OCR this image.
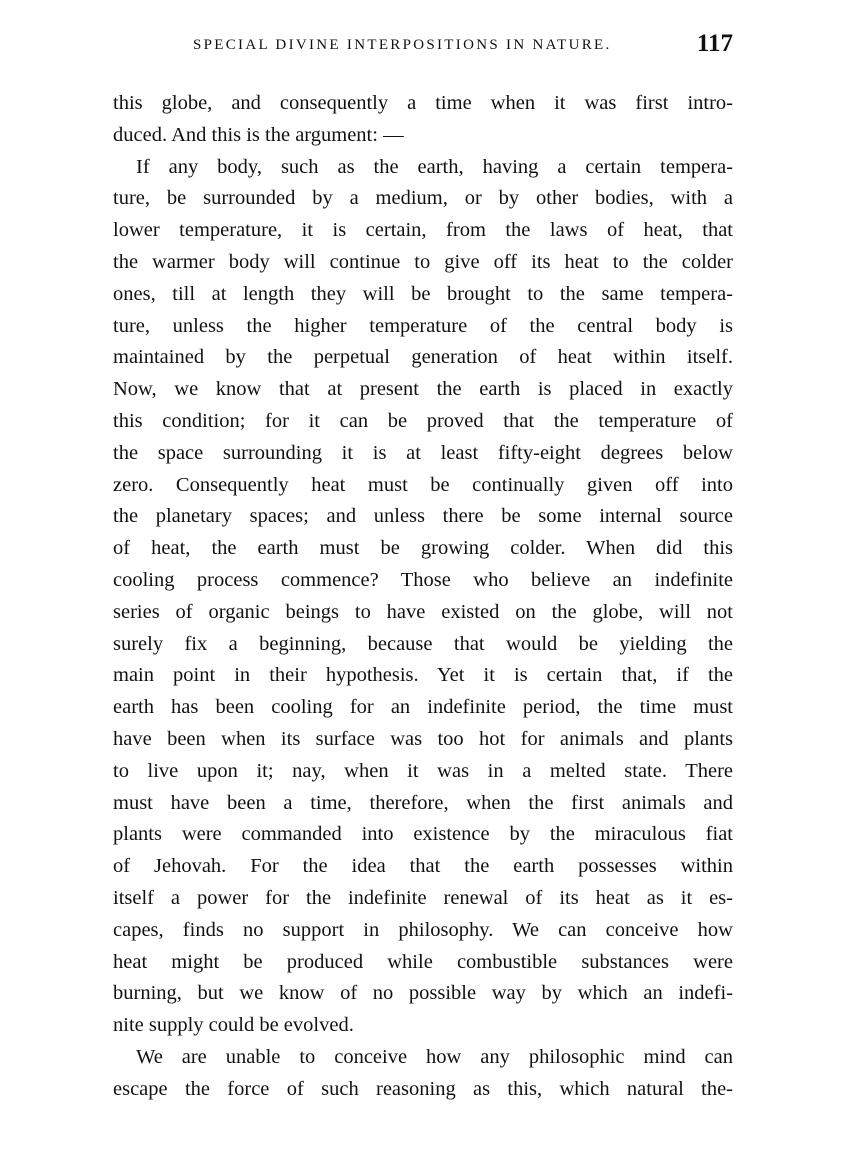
SPECIAL DIVINE INTERPOSITIONS IN NATURE.	117
this globe, and consequently a time when it was first intro-
duced. And this is the argument: —
If any body, such as the earth, having a certain tempera-
ture, be surrounded by a medium, or by other bodies, with a
lower temperature, it is certain, from the laws of heat, that
the warmer body will continue to give off its heat to the colder
ones, till at length they will be brought to the same tempera-
ture, unless the higher temperature of the central body is
maintained by the perpetual generation of heat within itself.
Now, we know that at present the earth is placed in exactly
this condition; for it can be proved that the temperature of
the space surrounding it is at least fifty-eight degrees below
zero. Consequently heat must be continually given off into
the planetary spaces; and unless there be some internal source
of heat, the earth must be growing colder. When did this
cooling process commence? Those who believe an indefinite
series of organic beings to have existed on the globe, will not
surely fix a beginning, because that would be yielding the
main point in their hypothesis. Yet it is certain that, if the
earth has been cooling for an indefinite period, the time must
have been when its surface was too hot for animals and plants
to live upon it; nay, when it was in a melted state. There
must have been a time, therefore, when the first animals and
plants were commanded into existence by the miraculous fiat
of Jehovah. For the idea that the earth possesses within
itself a power for the indefinite renewal of its heat as it es-
capes, finds no support in philosophy. We can conceive how
heat might be produced while combustible substances were
burning, but we know of no possible way by which an indefi-
nite supply could be evolved.
We are unable to conceive how any philosophic mind can
escape the force of such reasoning as this, which natural the-
